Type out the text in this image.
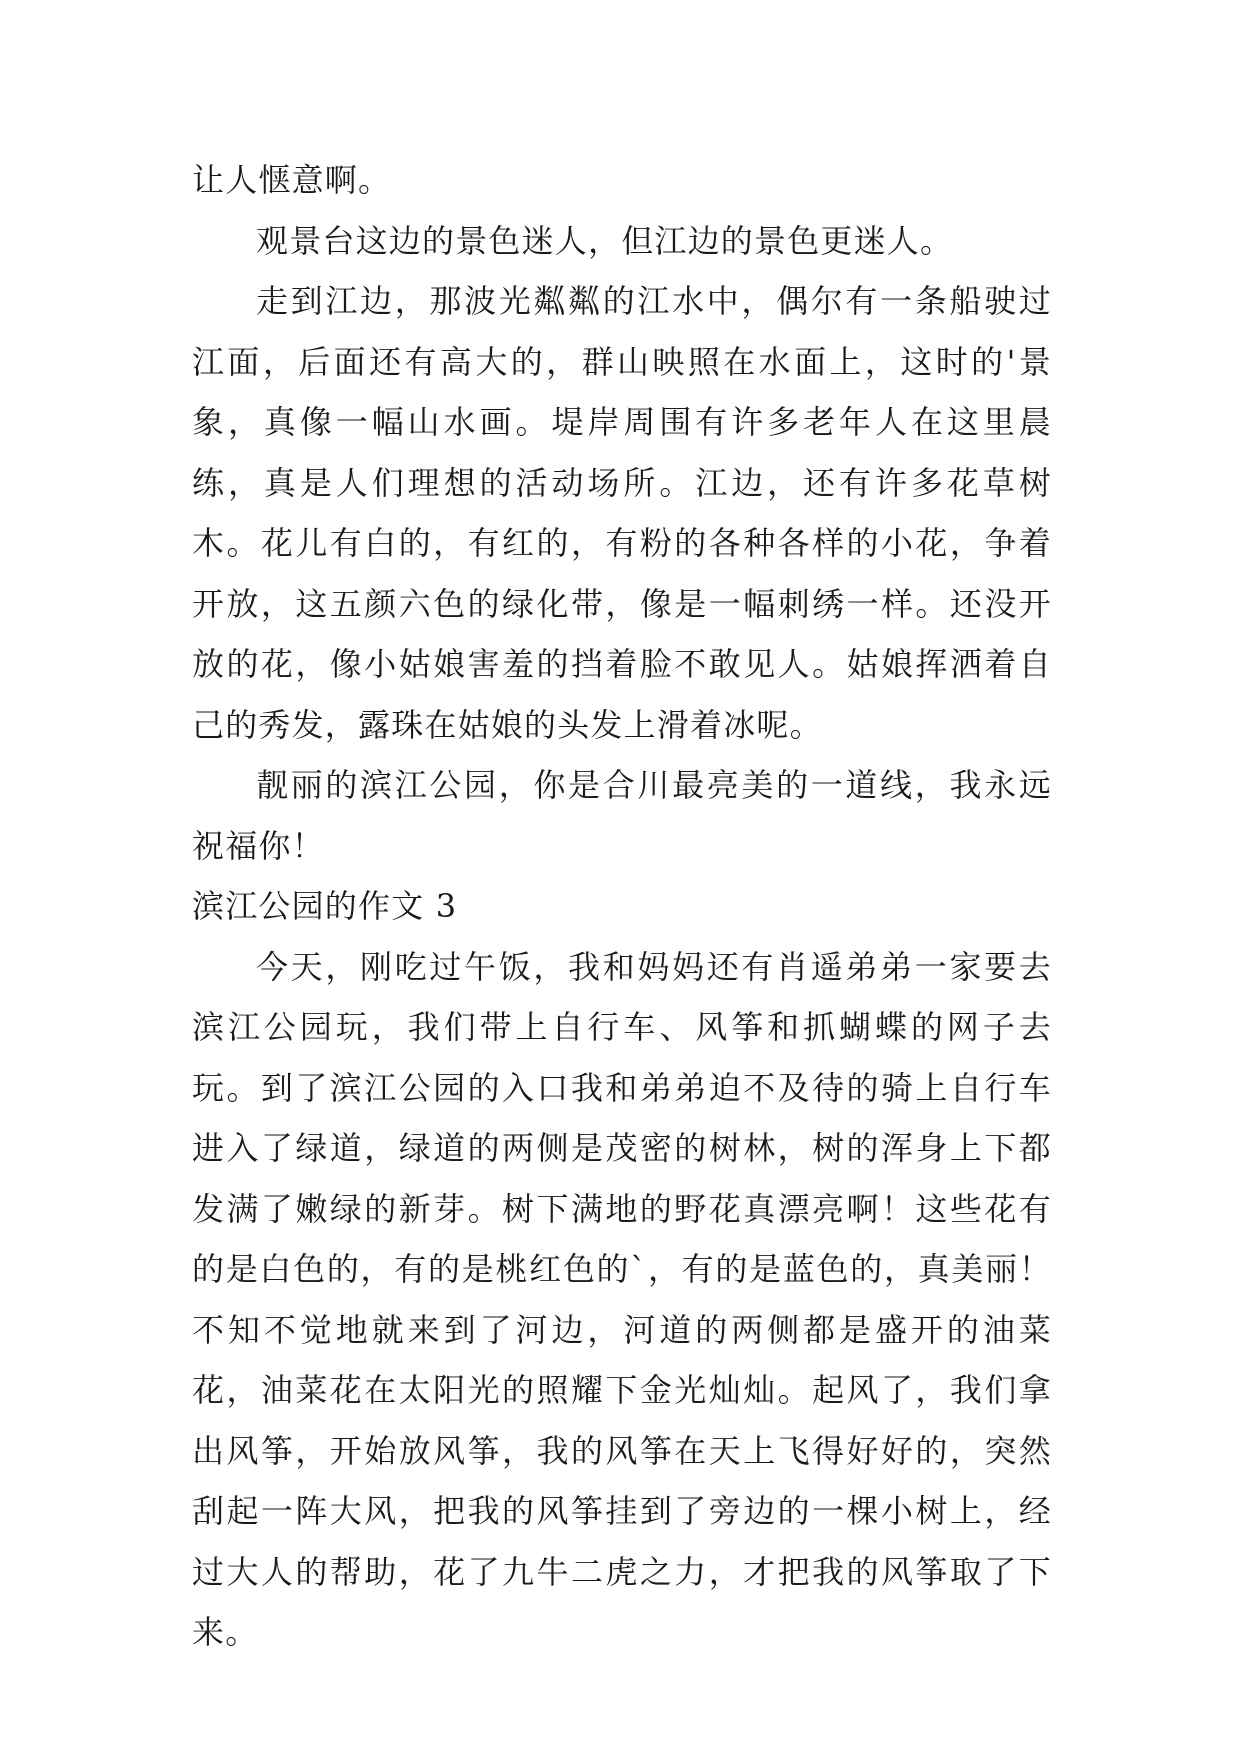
让人惬意啊。

观景台这边的景色迷人，但江边的景色更迷人。

走到江边，那波光粼粼的江水中，偶尔有一条船驶过江面，后面还有高大的，群山映照在水面上，这时的'景象，真像一幅山水画。堤岸周围有许多老年人在这里晨练，真是人们理想的活动场所。江边，还有许多花草树木。花儿有白的，有红的，有粉的各种各样的小花，争着开放，这五颜六色的绿化带，像是一幅刺绣一样。还没开放的花，像小姑娘害羞的挡着脸不敢见人。姑娘挥洒着自己的秀发，露珠在姑娘的头发上滑着冰呢。

靓丽的滨江公园，你是合川最亮美的一道线，我永远祝福你！

滨江公园的作文 3

今天，刚吃过午饭，我和妈妈还有肖遥弟弟一家要去滨江公园玩，我们带上自行车、风筝和抓蝴蝶的网子去玩。到了滨江公园的入口我和弟弟迫不及待的骑上自行车进入了绿道，绿道的两侧是茂密的树林，树的浑身上下都发满了嫩绿的新芽。树下满地的野花真漂亮啊！这些花有的是白色的，有的是桃红色的`，有的是蓝色的，真美丽！不知不觉地就来到了河边，河道的两侧都是盛开的油菜花，油菜花在太阳光的照耀下金光灿灿。起风了，我们拿出风筝，开始放风筝，我的风筝在天上飞得好好的，突然刮起一阵大风，把我的风筝挂到了旁边的一棵小树上，经过大人的帮助，花了九牛二虎之力，才把我的风筝取了下来。
